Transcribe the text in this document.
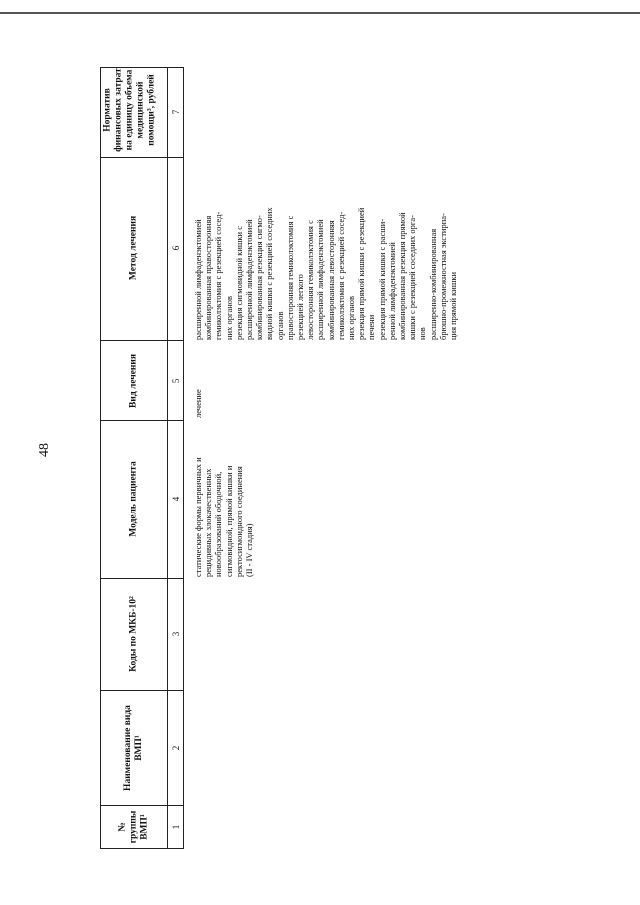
48
Норматив финансовых затрат на единицу объема медицинской помощи³, рублей
Метод лечения
Вид лечения
Модель пациента
Коды по МКБ-10²
Наименование вида ВМП¹
№ группы ВМП¹
7
6
5
4
3
2
1
статические формы первичных и рецидивных злокачественных новообразований ободочной, сигмовидной, прямой кишки и ректосигмоидного соединения (II - IV стадия)
лечение
расширенной лимфаденэктомией комбинированная правосторонняя гемиколэктомия с резекцией сосед- них органов резекция сигмовидной кишки с расширенной лимфаденэктомией комбинированная резекция сигмо- видной кишки с резекцией соседних органов правосторонняя гемиколэктомия с резекцией легкого левосторонняя гемиколэктомия с расширенной лимфаденэктомией комбинированная левосторонняя гемиколэктомия с резекцией сосед- них органов резекция прямой кишки с резекцией печени резекция прямой кишки с расши- ренной лимфаденэктомией комбинированная резекция прямой кишки с резекцией соседних орга- нов расширенно-комбинированная брюшно-промежностная экстирпа- ция прямой кишки
